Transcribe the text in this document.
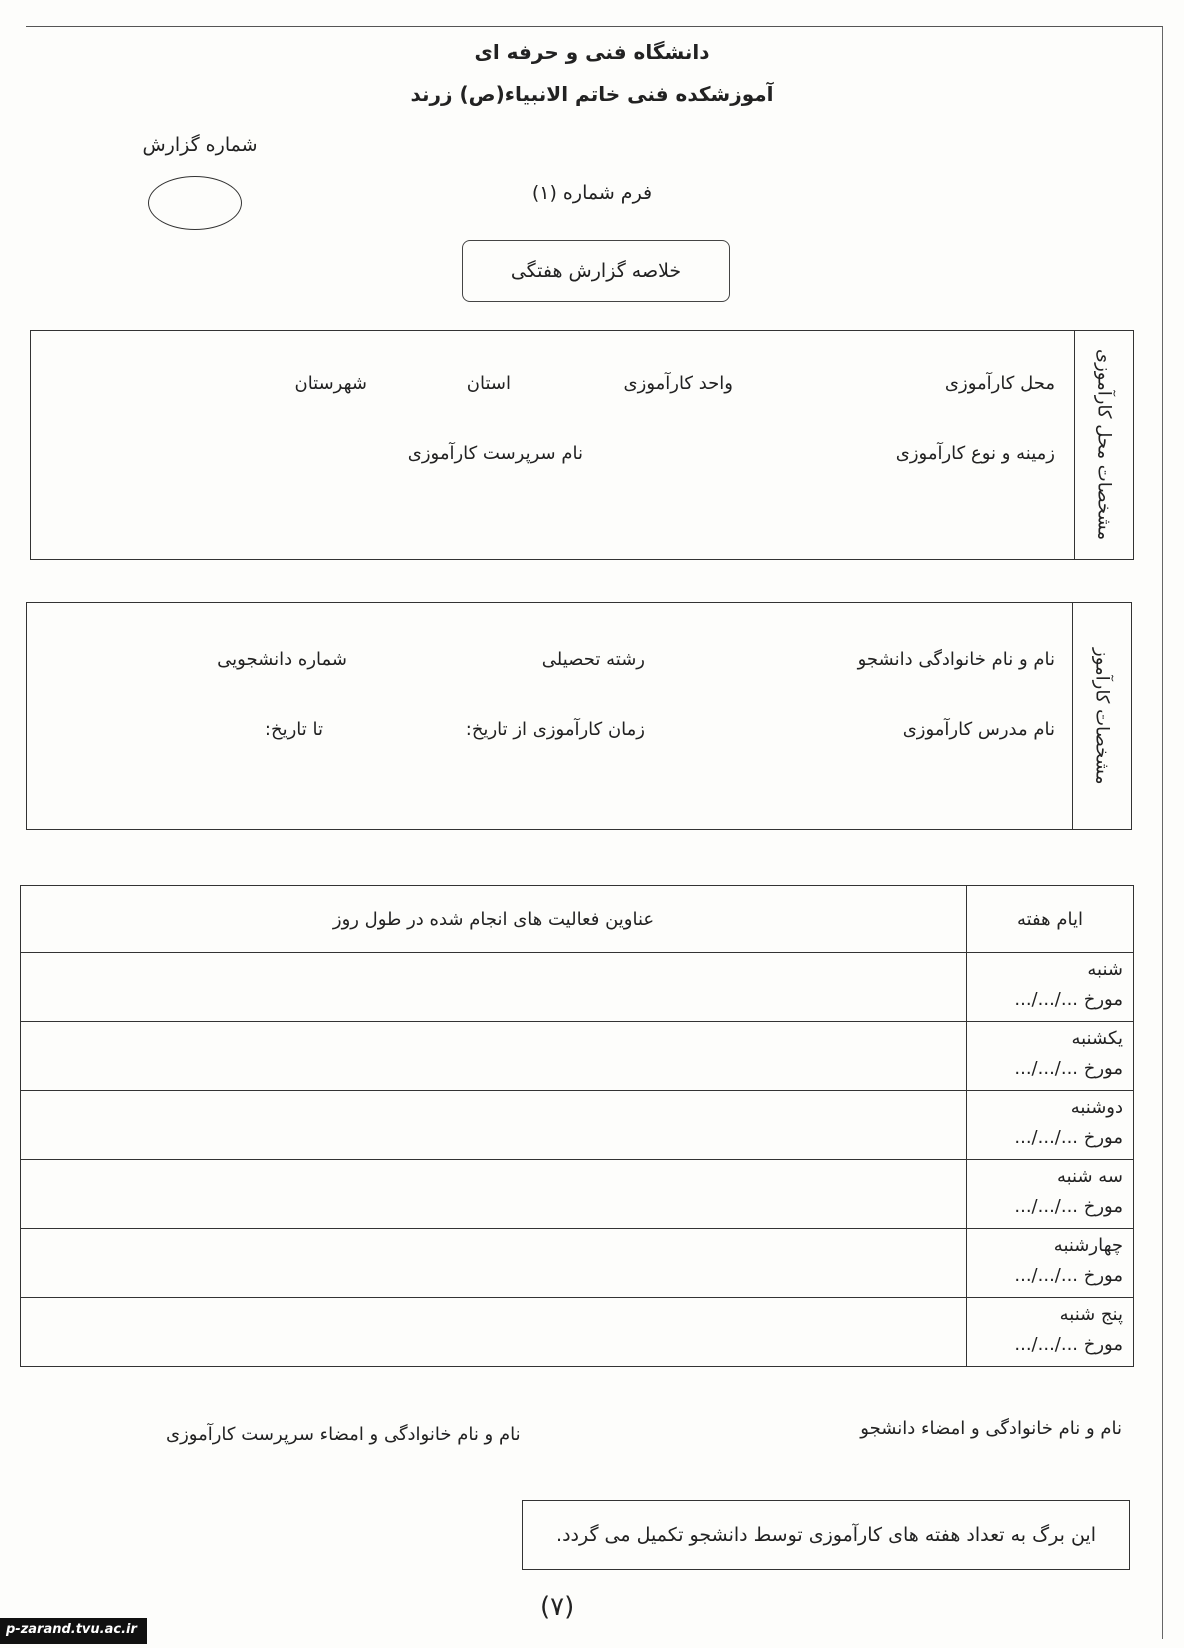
دانشگاه فنی و حرفه ای
آموزشکده فنی خاتم الانبیاء(ص) زرند
شماره گزارش
فرم شماره (۱)
خلاصه گزارش هفتگی
مشخصات محل کارآموزی
محل کارآموزی
واحد کارآموزی
استان
شهرستان
زمینه و نوع کارآموزی
نام سرپرست کارآموزی
مشخصات کارآموز
نام و نام خانوادگی دانشجو
رشته تحصیلی
شماره دانشجویی
نام مدرس کارآموزی
زمان کارآموزی از تاریخ:
تا تاریخ:
ایام هفته	عناوین فعالیت های انجام شده در طول روز

شنبه
مورخ .../.../...	

یکشنبه
مورخ .../.../...	

دوشنبه
مورخ .../.../...	

سه شنبه
مورخ .../.../...	

چهارشنبه
مورخ .../.../...	

پنج شنبه
مورخ .../.../...	

نام و نام خانوادگی و امضاء دانشجو
نام و نام خانوادگی و امضاء سرپرست کارآموزی
این برگ به تعداد هفته های کارآموزی توسط دانشجو تکمیل می گردد.
(۷)
p-zarand.tvu.ac.ir
